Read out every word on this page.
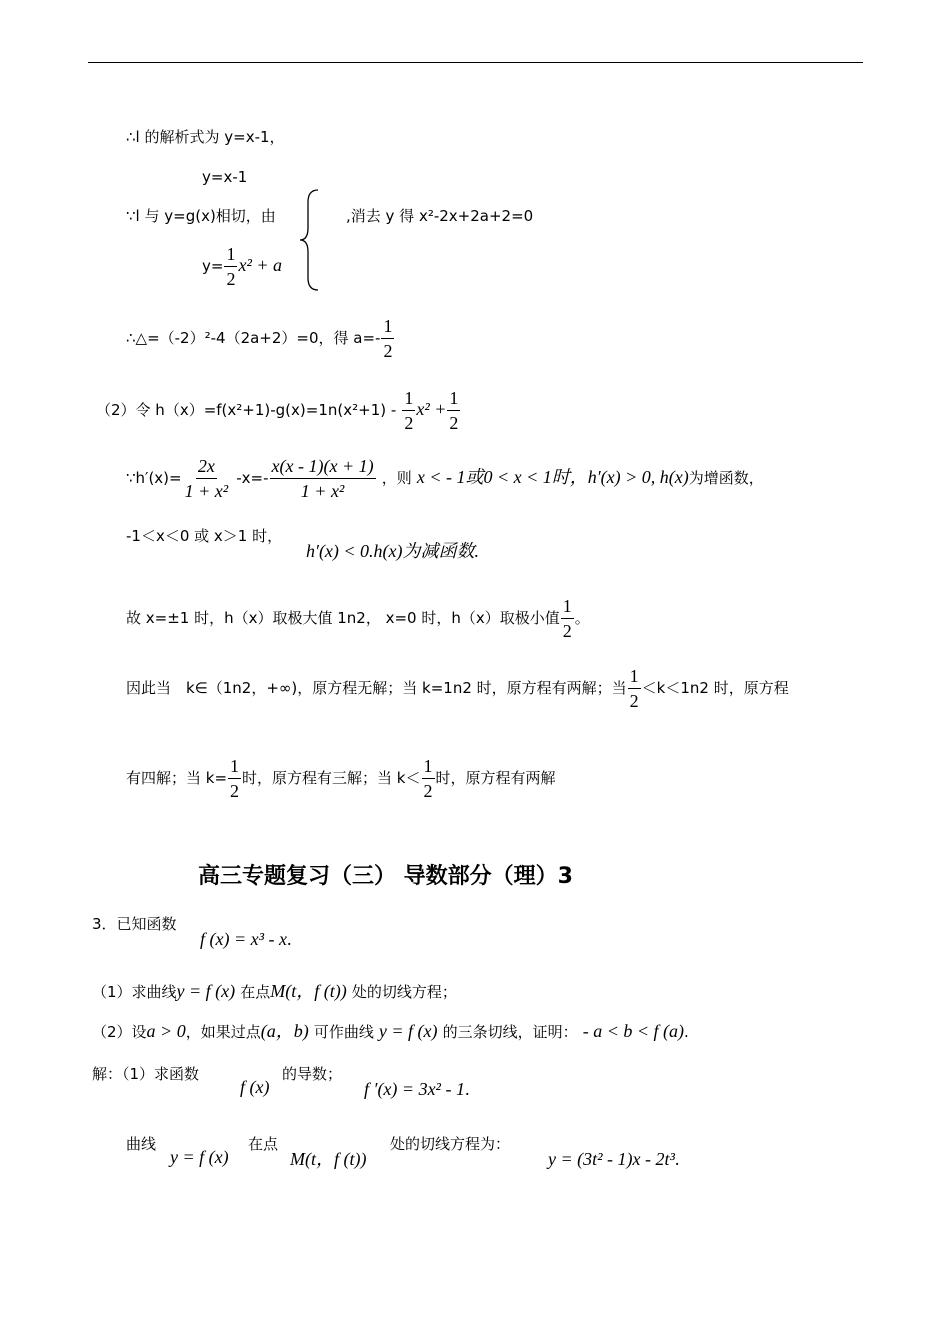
∴l 的解析式为 y=x-1，
y=x-1
∵l 与 y=g(x)相切，由	,消去 y 得 x²-2x+2a+2=0
$y= \frac{1}{2} x^2 + a$
∴△=（-2）²-4（2a+2）=0，得 $a=- \frac{1}{2}$
（2）令 $h(x)=f(x^2+1)-g(x)=1n(x^2+1) - \frac{1}{2} x^2 + \frac{1}{2}$
∵h′(x)= $\frac{2x}{\text{1 + x²}} -x=- \frac{x(x - 1)(x + 1)}{\text{1 + x²}}$ ，则 x < - 1或0 < x < 1时，h′(x) > 0, h(x)为增函数，
-1＜x＜0 或 x＞1 时，
h′(x) < 0.h(x)为减函数.
故 x=±1 时，h（x）取极大值 1n2， x=0 时，h（x）取极小值 $\frac{1}{2}$ 。
因此当　k∈（1n2，+∞)，原方程无解；当 k=1n2 时，原方程有两解；当 $\frac{1}{2} <k<1n2$ 时，原方程
有四解；当 $k= \frac{1}{2}$ 时，原方程有三解；当 $k< \frac{1}{2}$ 时，原方程有两解
高三专题复习（三） 导数部分（理）3
3．已知函数
f (x) = x³ - x.
（1）求曲线y = f (x) 在点M(t，f (t)) 处的切线方程；
（2）设a > 0，如果过点(a，b) 可作曲线 y = f (x) 的三条切线，证明： - a < b < f (a).
解：（1）求函数
f (x)
的导数；
f ′(x) = 3x² - 1.
曲线
y = f (x)
在点
M(t，f (t))
处的切线方程为：
y = (3t² - 1)x - 2t³.
